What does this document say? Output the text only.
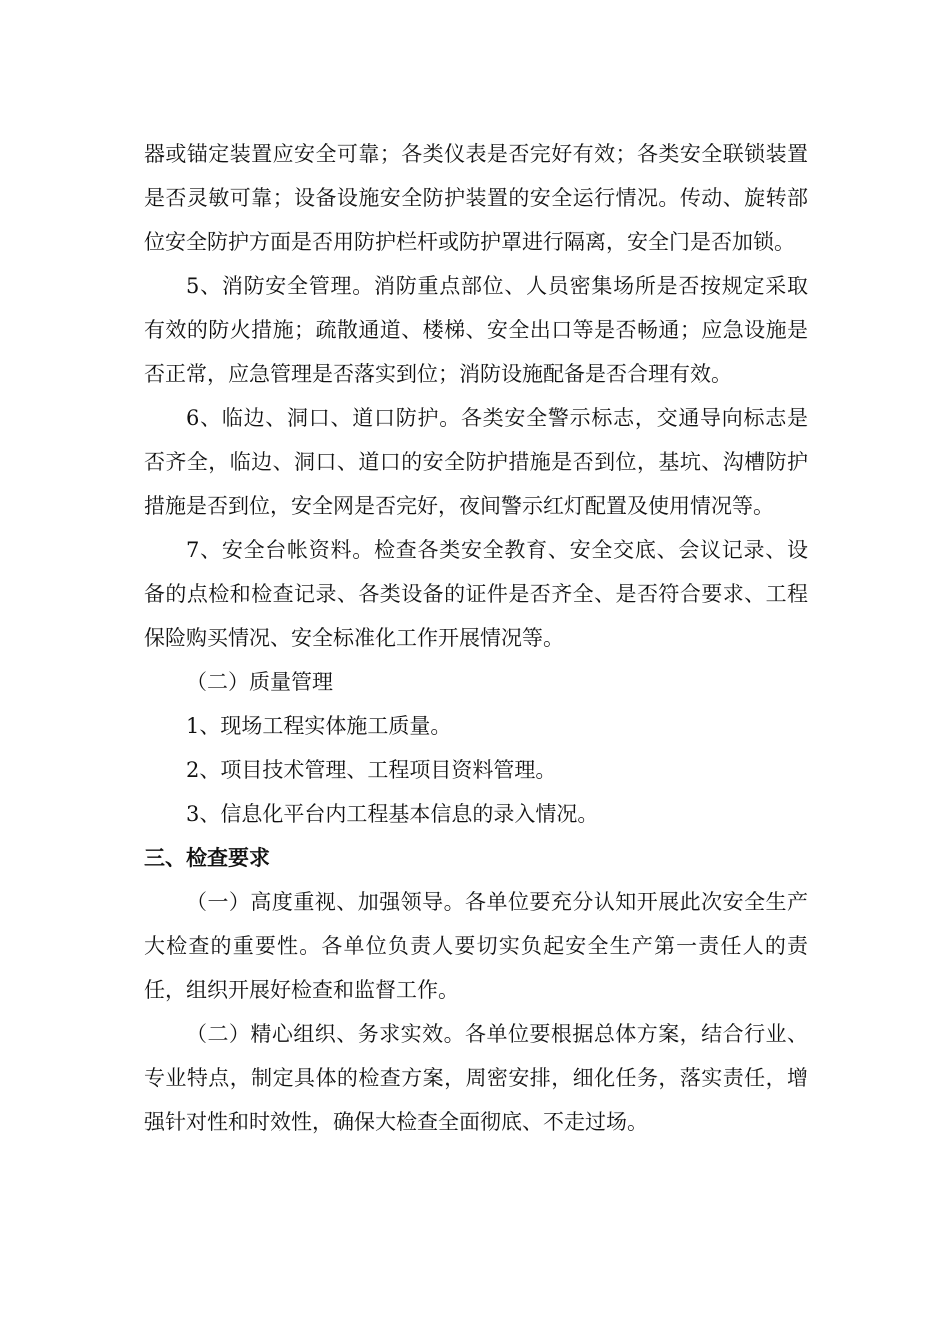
器或锚定装置应安全可靠；各类仪表是否完好有效；各类安全联锁装置是否灵敏可靠；设备设施安全防护装置的安全运行情况。传动、旋转部位安全防护方面是否用防护栏杆或防护罩进行隔离，安全门是否加锁。

5、消防安全管理。消防重点部位、人员密集场所是否按规定采取有效的防火措施；疏散通道、楼梯、安全出口等是否畅通；应急设施是否正常，应急管理是否落实到位；消防设施配备是否合理有效。

6、临边、洞口、道口防护。各类安全警示标志，交通导向标志是否齐全，临边、洞口、道口的安全防护措施是否到位，基坑、沟槽防护措施是否到位，安全网是否完好，夜间警示红灯配置及使用情况等。

7、安全台帐资料。检查各类安全教育、安全交底、会议记录、设备的点检和检查记录、各类设备的证件是否齐全、是否符合要求、工程保险购买情况、安全标准化工作开展情况等。

（二）质量管理

1、现场工程实体施工质量。

2、项目技术管理、工程项目资料管理。

3、信息化平台内工程基本信息的录入情况。

三、检查要求

（一）高度重视、加强领导。各单位要充分认知开展此次安全生产大检查的重要性。各单位负责人要切实负起安全生产第一责任人的责任，组织开展好检查和监督工作。

（二）精心组织、务求实效。各单位要根据总体方案，结合行业、专业特点，制定具体的检查方案，周密安排，细化任务，落实责任，增强针对性和时效性，确保大检查全面彻底、不走过场。
